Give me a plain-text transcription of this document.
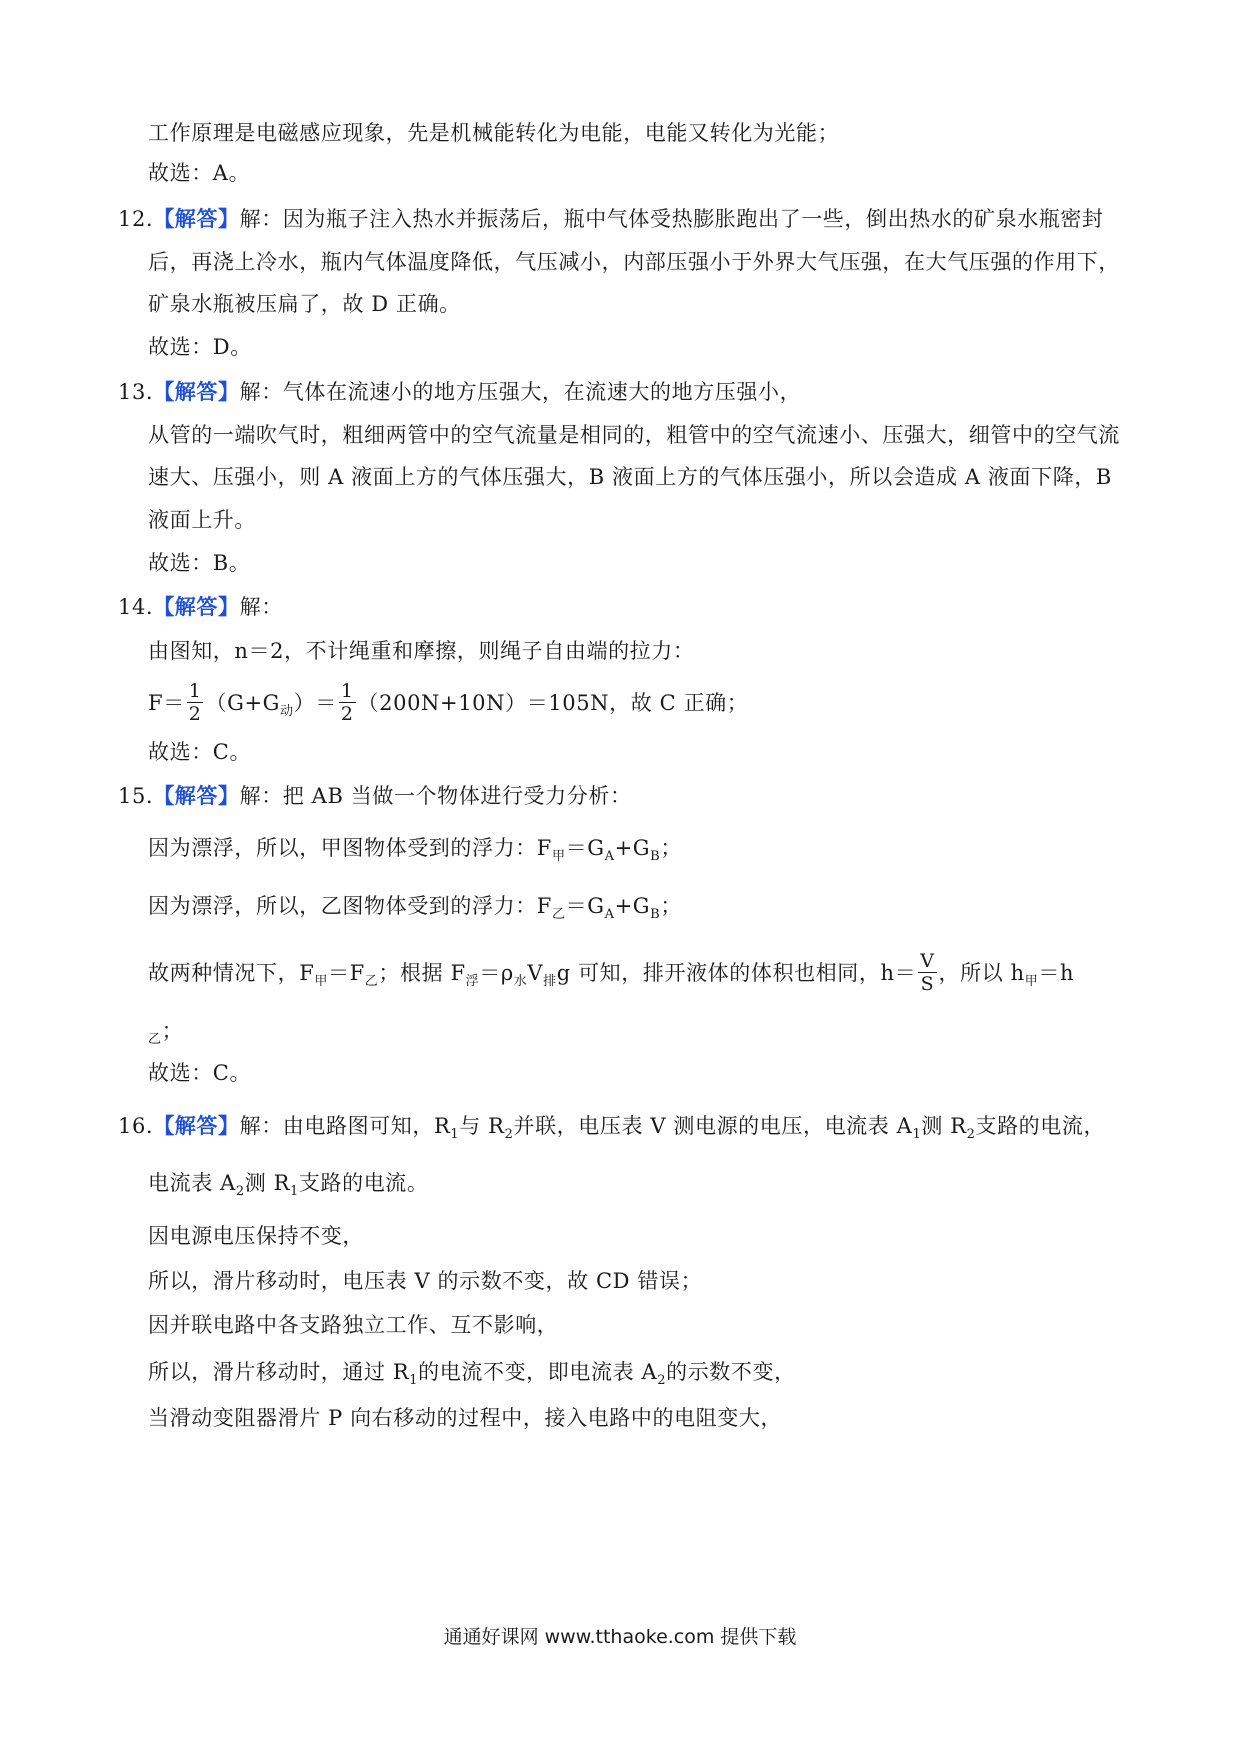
工作原理是电磁感应现象，先是机械能转化为电能，电能又转化为光能；
故选：A。
12.【解答】解：因为瓶子注入热水并振荡后，瓶中气体受热膨胀跑出了一些，倒出热水的矿泉水瓶密封
后，再浇上冷水，瓶内气体温度降低，气压减小，内部压强小于外界大气压强，在大气压强的作用下，
矿泉水瓶被压扁了，故 D 正确。
故选：D。
13.【解答】解：气体在流速小的地方压强大，在流速大的地方压强小，
从管的一端吹气时，粗细两管中的空气流量是相同的，粗管中的空气流速小、压强大，细管中的空气流
速大、压强小，则 A 液面上方的气体压强大，B 液面上方的气体压强小，所以会造成 A 液面下降，B
液面上升。
故选：B。
14.【解答】解：
由图知，n＝2，不计绳重和摩擦，则绳子自由端的拉力：
$F= \frac{1}{2} (G+G_动)= \frac{1}{2} (200N+10N)=105N$，故 C 正确；
故选：C。
15.【解答】解：把 AB 当做一个物体进行受力分析：
因为漂浮，所以，甲图物体受到的浮力：$F_甲=G_A+G_B$；
因为漂浮，所以，乙图物体受到的浮力：$F_乙=G_A+G_B$；
故两种情况下，$F_甲=F_乙$；根据 $F_浮=\rho_水V_排g$ 可知，排开液体的体积也相同，$h= \frac{V}{S}$ ，所以 $h_甲=h$
$_乙$；
故选：C。
16.【解答】解：由电路图可知，$R_1$与 $R_2$并联，电压表 V 测电源的电压，电流表 $A_1$测 $R_2$支路的电流，
电流表 $A_2$测 $R_1$支路的电流。
因电源电压保持不变，
所以，滑片移动时，电压表 V 的示数不变，故 CD 错误；
因并联电路中各支路独立工作、互不影响，
所以，滑片移动时，通过 $R_1$的电流不变，即电流表 $A_2$的示数不变，
当滑动变阻器滑片 P 向右移动的过程中，接入电路中的电阻变大，
通通好课网 www.tthaoke.com 提供下载
